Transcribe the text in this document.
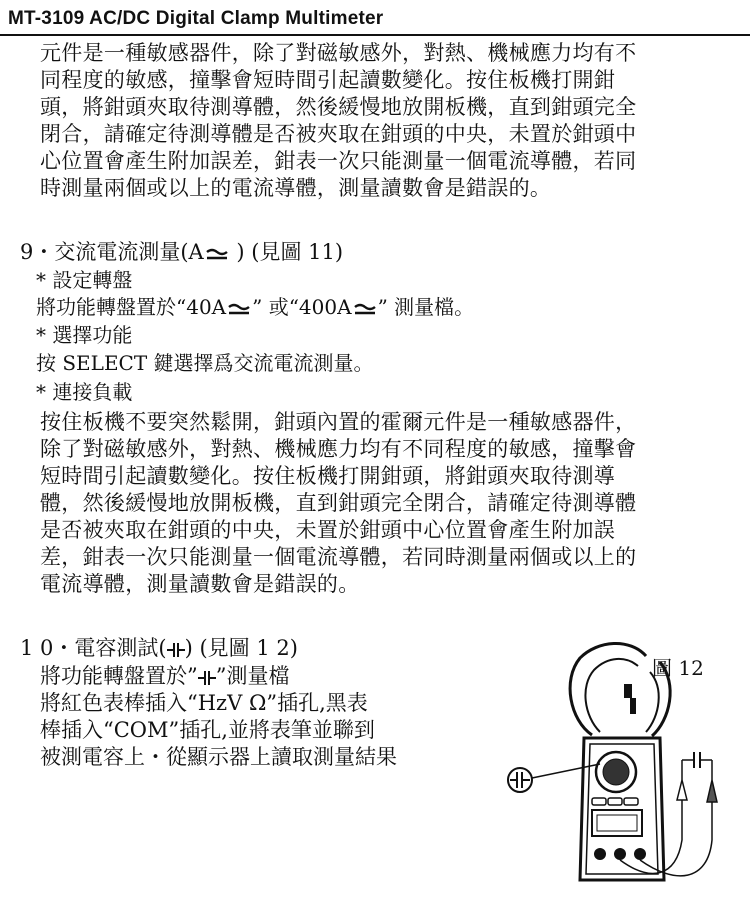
MT-3109 AC/DC Digital Clamp Multimeter
元件是一種敏感器件，除了對磁敏感外，對熱、機械應力均有不
同程度的敏感，撞擊會短時間引起讀數變化。按住板機打開鉗
頭，將鉗頭夾取待測導體，然後緩慢地放開板機，直到鉗頭完全
閉合，請確定待測導體是否被夾取在鉗頭的中央，未置於鉗頭中
心位置會產生附加誤差，鉗表一次只能測量一個電流導體，若同
時測量兩個或以上的電流導體，測量讀數會是錯誤的。
9・交流電流測量(A ) (見圖 11)
* 設定轉盤
將功能轉盤置於“40A ” 或“400A ” 測量檔。
* 選擇功能
按 SELECT 鍵選擇爲交流電流測量。
* 連接負載
按住板機不要突然鬆開，鉗頭內置的霍爾元件是一種敏感器件，
除了對磁敏感外，對熱、機械應力均有不同程度的敏感，撞擊會
短時間引起讀數變化。按住板機打開鉗頭，將鉗頭夾取待測導
體，然後緩慢地放開板機，直到鉗頭完全閉合，請確定待測導體
是否被夾取在鉗頭的中央，未置於鉗頭中心位置會產生附加誤
差，鉗表一次只能測量一個電流導體，若同時測量兩個或以上的
電流導體，測量讀數會是錯誤的。
1 0・電容測試( ) (見圖 1 2)
將功能轉盤置於” ”測量檔
將紅色表棒插入“HzV Ω”插孔,黑表
棒插入“COM”插孔,並將表筆並聯到
被測電容上・從顯示器上讀取測量結果
圖 12
